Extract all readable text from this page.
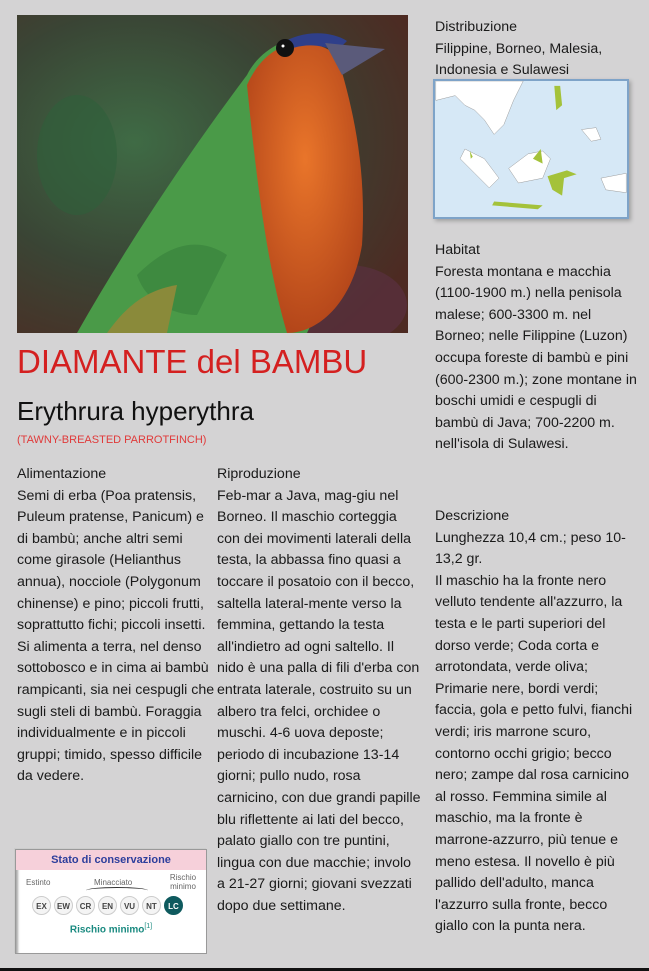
DIAMANTE del BAMBU
Erythrura hyperythra
(TAWNY-BREASTED PARROTFINCH)
Distribuzione

Filippine, Borneo, Malesia, Indonesia e Sulawesi

Habitat

Foresta montana e macchia (1100-1900 m.) nella penisola malese; 600-3300 m. nel Borneo; nelle Filippine (Luzon) occupa foreste di bambù e pini (600-2300 m.); zone montane in boschi umidi e cespugli di bambù di Java; 700-2200 m. nell'isola di Sulawesi.

Alimentazione

Semi di erba (Poa pratensis, Puleum pratense, Panicum) e di bambù; anche altri semi come girasole (Helianthus annua), nocciole (Polygonum chinense) e pino; piccoli frutti, soprattutto fichi; piccoli insetti. Si alimenta a terra, nel denso sottobosco e in cima ai bambù rampicanti, sia nei cespugli che sugli steli di bambù. Foraggia individualmente e in piccoli gruppi; timido, spesso difficile da vedere.

Riproduzione

Feb-mar a Java, mag-giu nel Borneo. Il maschio corteggia con dei movimenti laterali della testa, la abbassa fino quasi a toccare il posatoio con il becco, saltella lateral-mente verso la femmina, gettando la testa all'indietro ad ogni saltello. Il nido è una palla di fili d'erba con entrata laterale, costruito su un albero tra felci, orchidee o muschi. 4-6 uova deposte; periodo di incubazione 13-14 giorni; pullo nudo, rosa carnicino, con due grandi papille blu riflettente ai lati del becco, palato giallo con tre puntini, lingua con due macchie; involo a 21-27 giorni; giovani svezzati dopo due settimane.

Descrizione

Lunghezza 10,4 cm.; peso 10-13,2 gr.

Il maschio ha la fronte nero velluto tendente all'azzurro, la testa e le parti superiori del dorso verde; Coda corta e arrotondata, verde oliva; Primarie nere, bordi verdi; faccia, gola e petto fulvi, fianchi verdi; iris marrone scuro, contorno occhi grigio; becco nero; zampe dal rosa carnicino al rosso. Femmina simile al maschio, ma la fronte è marrone-azzurro, più tenue e meno estesa. Il novello è più pallido dell'adulto, manca l'azzurro sulla fronte, becco giallo con la punta nera.

Stato di conservazione
Estinto	Minacciato
Rischio minimo
EX	EW	CR	EN	VU	NT	LC
Rischio minimo[1]
